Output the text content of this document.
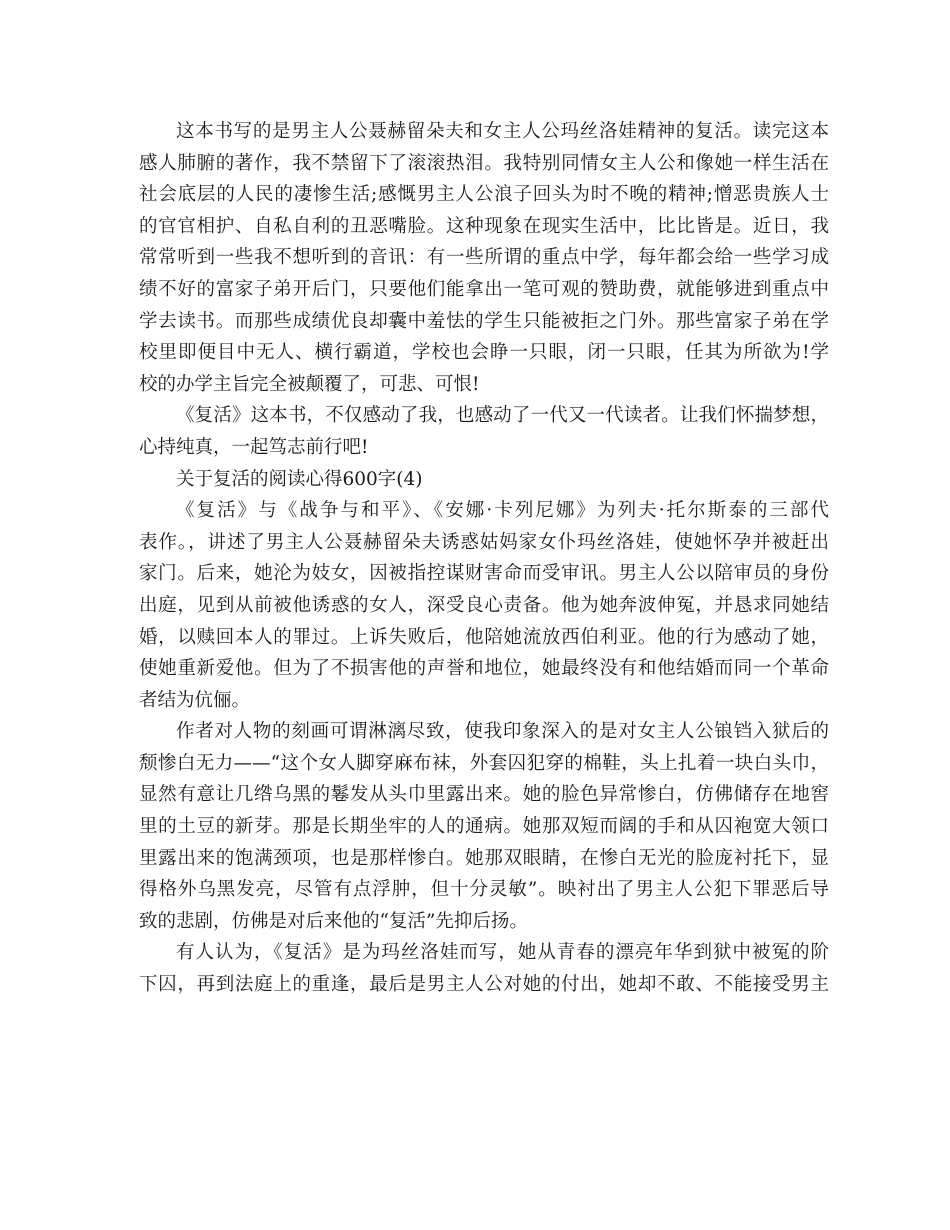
这本书写的是男主人公聂赫留朵夫和女主人公玛丝洛娃精神的复活。读完这本
感人肺腑的著作，我不禁留下了滚滚热泪。我特别同情女主人公和像她一样生活在
社会底层的人民的凄惨生活;感慨男主人公浪子回头为时不晚的精神;憎恶贵族人士
的官官相护、自私自利的丑恶嘴脸。这种现象在现实生活中，比比皆是。近日，我
常常听到一些我不想听到的音讯：有一些所谓的重点中学，每年都会给一些学习成
绩不好的富家子弟开后门，只要他们能拿出一笔可观的赞助费，就能够进到重点中
学去读书。而那些成绩优良却囊中羞怯的学生只能被拒之门外。那些富家子弟在学
校里即便目中无人、横行霸道，学校也会睁一只眼，闭一只眼，任其为所欲为!学
校的办学主旨完全被颠覆了，可悲、可恨!
《复活》这本书，不仅感动了我，也感动了一代又一代读者。让我们怀揣梦想，
心持纯真，一起笃志前行吧!
关于复活的阅读心得600字(4)
《复活》与《战争与和平》、《安娜·卡列尼娜》为列夫·托尔斯泰的三部代
表作。，讲述了男主人公聂赫留朵夫诱惑姑妈家女仆玛丝洛娃，使她怀孕并被赶出
家门。后来，她沦为妓女，因被指控谋财害命而受审讯。男主人公以陪审员的身份
出庭，见到从前被他诱惑的女人，深受良心责备。他为她奔波伸冤，并恳求同她结
婚，以赎回本人的罪过。上诉失败后，他陪她流放西伯利亚。他的行为感动了她，
使她重新爱他。但为了不损害他的声誉和地位，她最终没有和他结婚而同一个革命
者结为伉俪。
作者对人物的刻画可谓淋漓尽致，使我印象深入的是对女主人公锒铛入狱后的
颓惨白无力——“这个女人脚穿麻布袜，外套囚犯穿的棉鞋，头上扎着一块白头巾，
显然有意让几绺乌黑的鬈发从头巾里露出来。她的脸色异常惨白，仿佛储存在地窖
里的土豆的新芽。那是长期坐牢的人的通病。她那双短而阔的手和从囚袍宽大领口
里露出来的饱满颈项，也是那样惨白。她那双眼睛，在惨白无光的脸庞衬托下，显
得格外乌黑发亮，尽管有点浮肿，但十分灵敏”。映衬出了男主人公犯下罪恶后导
致的悲剧，仿佛是对后来他的“复活”先抑后扬。
有人认为，《复活》是为玛丝洛娃而写，她从青春的漂亮年华到狱中被冤的阶
下囚，再到法庭上的重逢，最后是男主人公对她的付出，她却不敢、不能接受男主
